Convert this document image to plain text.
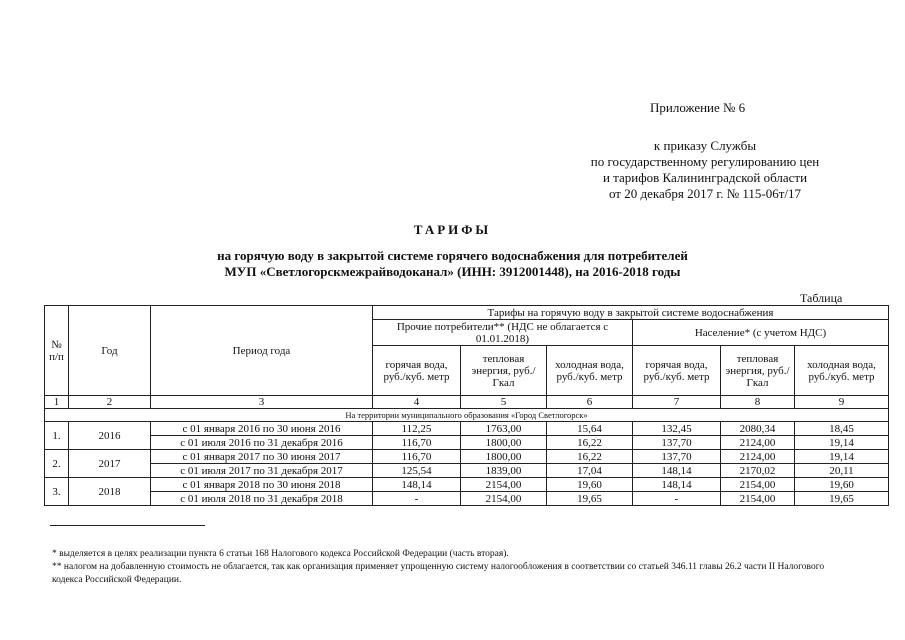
Приложение № 6
к приказу Службы
по государственному регулированию цен
и тарифов Калининградской области
от 20 декабря 2017 г. № 115-06т/17
ТАРИФЫ
на горячую воду в закрытой системе горячего водоснабжения для потребителей
МУП «Светлогорскмежрайводоканал» (ИНН: 3912001448), на 2016-2018 годы
Таблица
№ п/п	Год	Период года	Тарифы на горячую воду в закрытой системе водоснабжения					
			Прочие потребители** (НДС не облагается с 01.01.2018)			Население* (с учетом НДС)		
			горячая вода, руб./куб. метр	тепловая энергия, руб./Гкал	холодная вода, руб./куб. метр	горячая вода, руб./куб. метр	тепловая энергия, руб./Гкал	холодная вода, руб./куб. метр
1	2	3	4	5	6	7	8	9
На территории муниципального образования «Город Светлогорск»								
1.	2016	с 01 января 2016 по 30 июня 2016	112,25	1763,00	15,64	132,45	2080,34	18,45
		с 01 июля 2016 по 31 декабря 2016	116,70	1800,00	16,22	137,70	2124,00	19,14
2.	2017	с 01 января 2017 по 30 июня 2017	116,70	1800,00	16,22	137,70	2124,00	19,14
		с 01 июля 2017 по 31 декабря 2017	125,54	1839,00	17,04	148,14	2170,02	20,11
3.	2018	с 01 января 2018 по 30 июня 2018	148,14	2154,00	19,60	148,14	2154,00	19,60
		с 01 июля 2018 по 31 декабря 2018	-	2154,00	19,65	-	2154,00	19,65

* выделяется в целях реализации пункта 6 статьи 168 Налогового кодекса Российской Федерации (часть вторая).

** налогом на добавленную стоимость не облагается, так как организация применяет упрощенную систему налогообложения в соответствии со статьей 346.11 главы 26.2 части II Налогового кодекса Российской Федерации.
